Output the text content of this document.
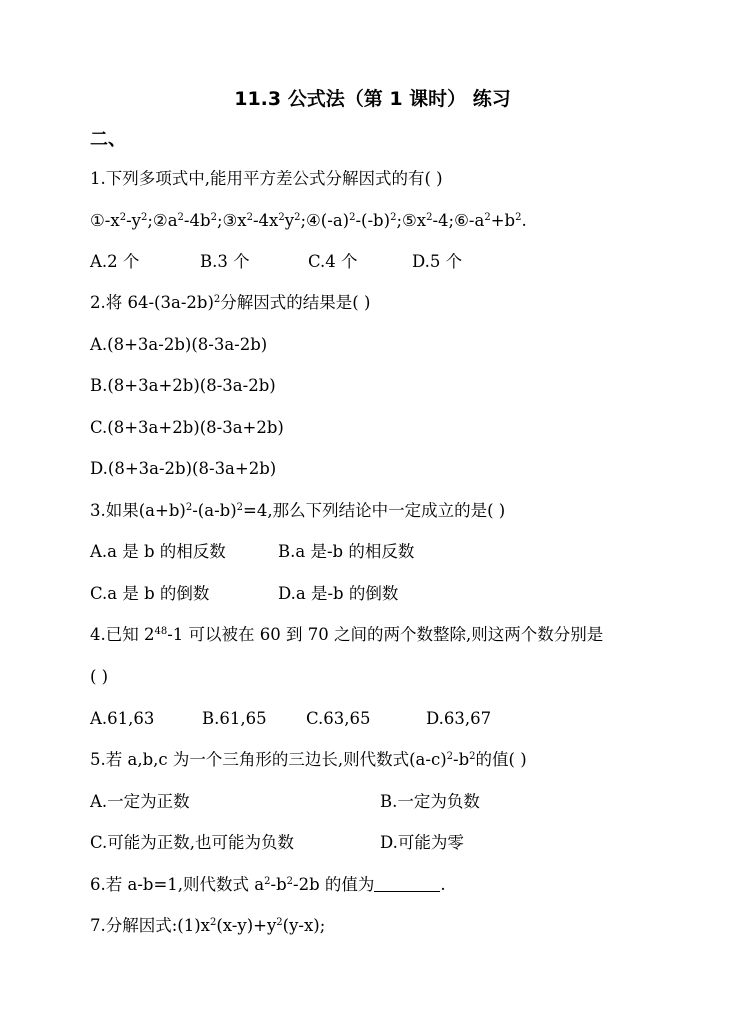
11.3 公式法（第 1 课时） 练习
二、
1.下列多项式中,能用平方差公式分解因式的有( )
$①-x^2-y^2;②a^2-4b^2;③x^2-4x^2y^2;④(-a)^2-(-b)^2;⑤x^2-4;⑥-a^2+b^2$.
A.2 个	B.3 个	C.4 个	D.5 个
2.将 $64-(3a-2b)^2$分解因式的结果是( )
A.(8+3a-2b)(8-3a-2b)
B.(8+3a+2b)(8-3a-2b)
C.(8+3a+2b)(8-3a+2b)
D.(8+3a-2b)(8-3a+2b)
3.如果$(a+b)^2-(a-b)^2=4$,那么下列结论中一定成立的是( )
A.a 是 b 的相反数	B.a 是-b 的相反数
C.a 是 b 的倒数	D.a 是-b 的倒数
4.已知 $2^{48}-1$ 可以被在 60 到 70 之间的两个数整除,则这两个数分别是
( )
A.61,63	B.61,65 C.63,65	D.63,67
5.若 a,b,c 为一个三角形的三边长,则代数式$(a-c)^2-b^2$的值( )
A.一定为正数	B.一定为负数
C.可能为正数,也可能为负数	D.可能为零
6.若 a-b=1,则代数式 $a^2-b^2-2b$ 的值为	.
7.分解因式$:(1)x^2(x-y)+y^2(y-x)$;
